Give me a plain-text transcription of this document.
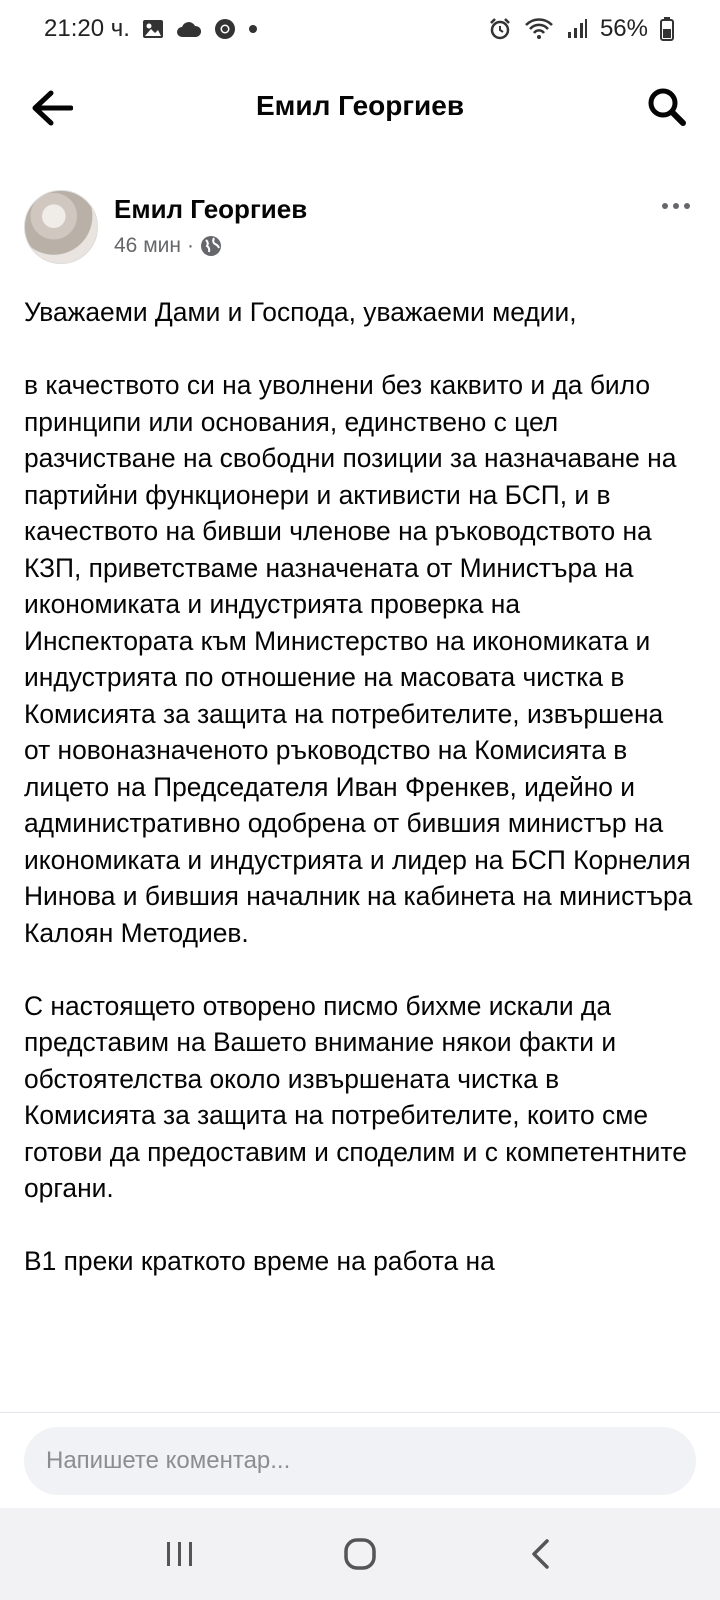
21:20 ч.	56%
Емил Георгиев
Емил Георгиев
46 мин ·

Уважаеми Дами и Господа, уважаеми медии,

в качеството си на уволнени без каквито и да било принципи или основания, единствено с цел разчистване на свободни позиции за назначаване на партийни функционери и активисти на БСП, и в качеството на бивши членове на ръководството на КЗП, приветстваме назначената от Министъра на икономиката и индустрията проверка на Инспектората към Министерство на икономиката и индустрията по отношение на масовата чистка в Комисията за защита на потребителите, извършена от новоназначеното ръководство на Комисията в лицето на Председателя Иван Френкев, идейно и административно одобрена от бившия министър на икономиката и индустрията и лидер на БСП Корнелия Нинова и бившия началник на кабинета на министъра Калоян Методиев.

С настоящето отворено писмо бихме искали да представим на Вашето внимание някои факти и обстоятелства около извършената чистка в Комисията за защита на потребителите, които сме готови да предоставим и споделим и с компетентните органи.

В1 преки краткото време на работа на

Напишете коментар...
